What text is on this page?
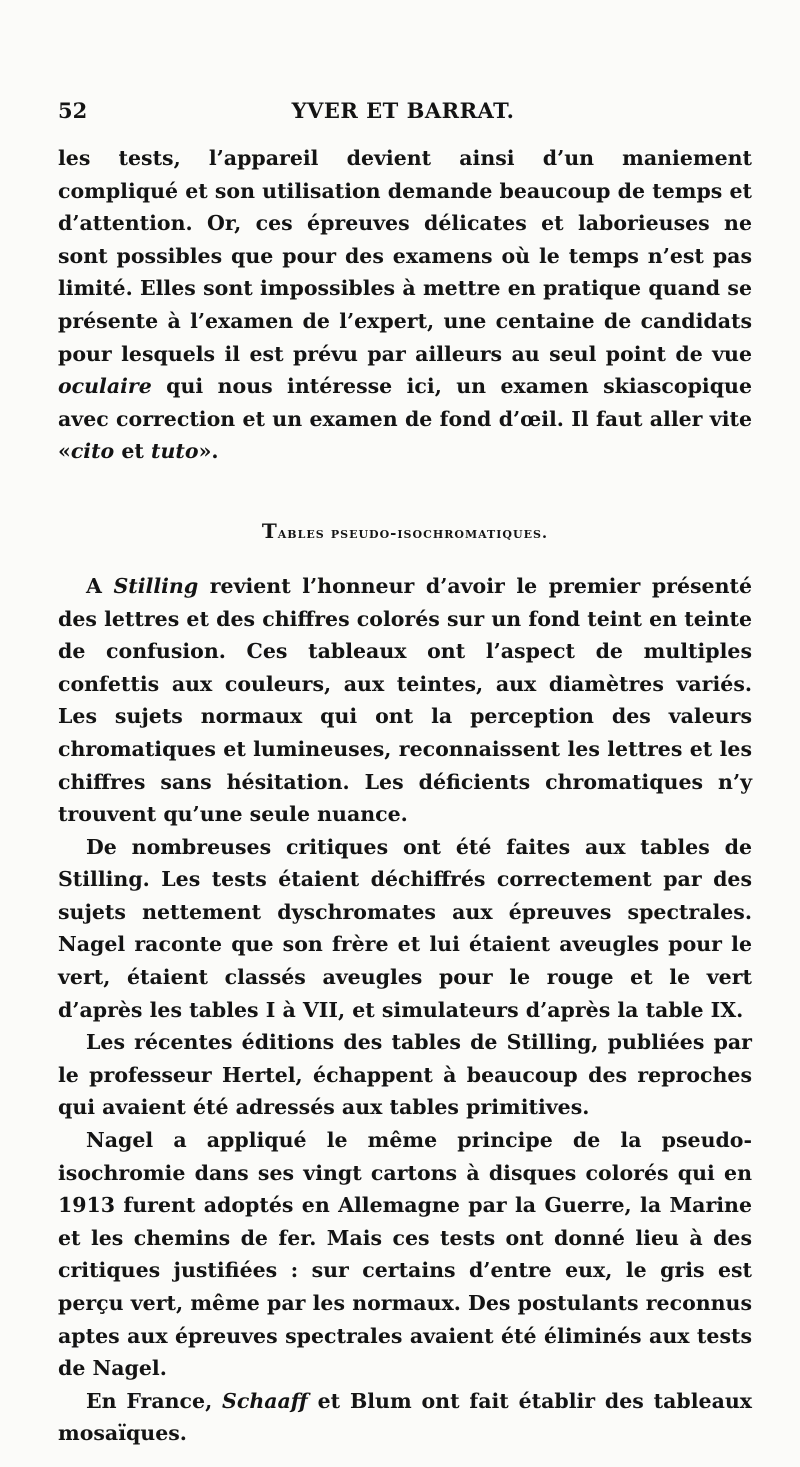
52	YVER ET BARRAT.

les tests, l’appareil devient ainsi d’un maniement compliqué et son utilisation demande beaucoup de temps et d’attention. Or, ces épreuves délicates et laborieuses ne sont possibles que pour des examens où le temps n’est pas limité. Elles sont impossibles à mettre en pratique quand se présente à l’examen de l’expert, une centaine de candidats pour lesquels il est prévu par ailleurs au seul point de vue oculaire qui nous intéresse ici, un examen skiascopique avec correction et un examen de fond d’œil. Il faut aller vite «cito et tuto».

Tables pseudo-isochromatiques.

A Stilling revient l’honneur d’avoir le premier présenté des lettres et des chiffres colorés sur un fond teint en teinte de confusion. Ces tableaux ont l’aspect de multiples confettis aux couleurs, aux teintes, aux diamètres variés. Les sujets normaux qui ont la perception des valeurs chromatiques et lumineuses, reconnaissent les lettres et les chiffres sans hésitation. Les déficients chromatiques n’y trouvent qu’une seule nuance.

De nombreuses critiques ont été faites aux tables de Stilling. Les tests étaient déchiffrés correctement par des sujets nettement dyschromates aux épreuves spectrales. Nagel raconte que son frère et lui étaient aveugles pour le vert, étaient classés aveugles pour le rouge et le vert d’après les tables I à VII, et simulateurs d’après la table IX.

Les récentes éditions des tables de Stilling, publiées par le professeur Hertel, échappent à beaucoup des reproches qui avaient été adressés aux tables primitives.

Nagel a appliqué le même principe de la pseudo-isochromie dans ses vingt cartons à disques colorés qui en 1913 furent adoptés en Allemagne par la Guerre, la Marine et les chemins de fer. Mais ces tests ont donné lieu à des critiques justifiées : sur certains d’entre eux, le gris est perçu vert, même par les normaux. Des postulants reconnus aptes aux épreuves spectrales avaient été éliminés aux tests de Nagel.

En France, Schaaff et Blum ont fait établir des tableaux mosaïques.
